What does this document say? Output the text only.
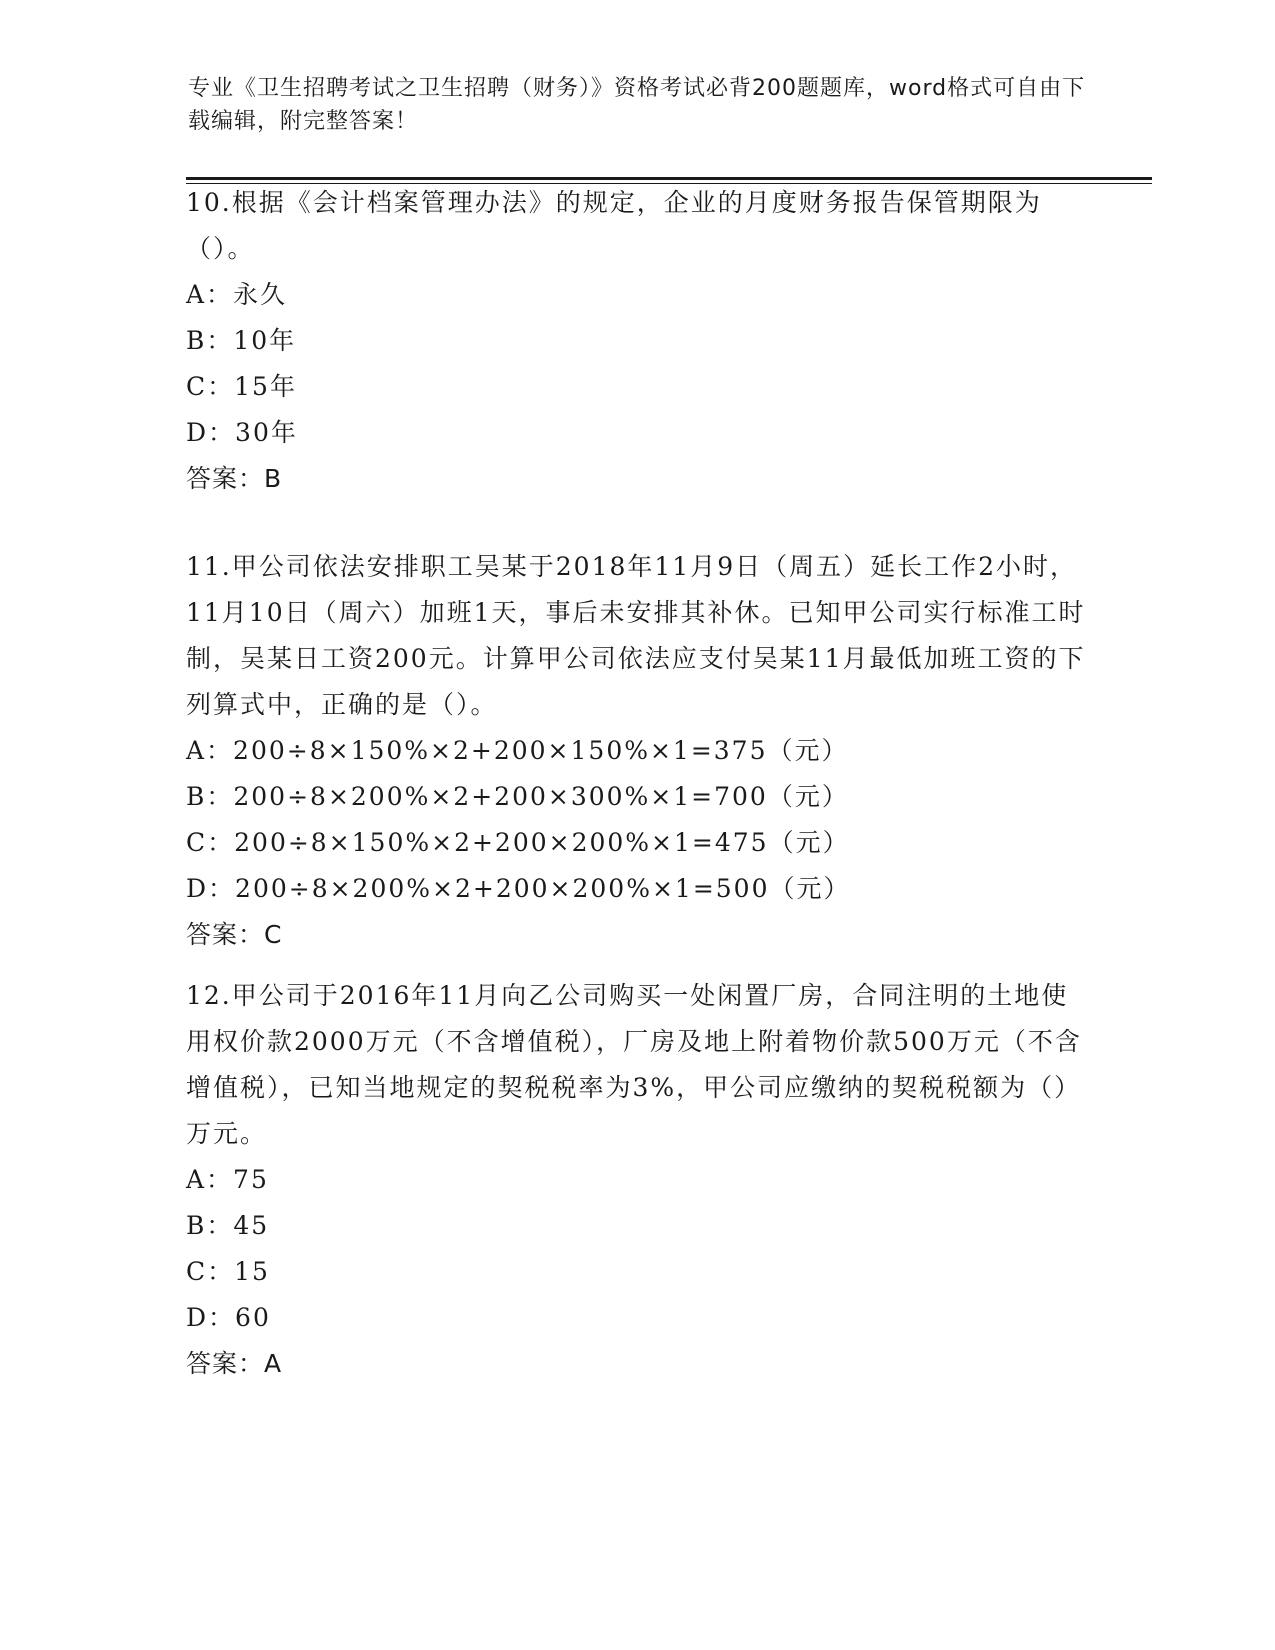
专业《卫生招聘考试之卫生招聘（财务）》资格考试必背200题题库，word格式可自由下载编辑，附完整答案！

10.根据《会计档案管理办法》的规定，企业的月度财务报告保管期限为（）。

A：永久

B：10年

C：15年

D：30年

答案：B

11.甲公司依法安排职工吴某于2018年11月9日（周五）延长工作2小时，11月10日（周六）加班1天，事后未安排其补休。已知甲公司实行标准工时制，吴某日工资200元。计算甲公司依法应支付吴某11月最低加班工资的下列算式中，正确的是（）。

A：200÷8×150%×2+200×150%×1=375（元）

B：200÷8×200%×2+200×300%×1=700（元）

C：200÷8×150%×2+200×200%×1=475（元）

D：200÷8×200%×2+200×200%×1=500（元）

答案：C

12.甲公司于2016年11月向乙公司购买一处闲置厂房，合同注明的土地使用权价款2000万元（不含增值税），厂房及地上附着物价款500万元（不含增值税），已知当地规定的契税税率为3%，甲公司应缴纳的契税税额为（）万元。

A：75

B：45

C：15

D：60

答案：A
